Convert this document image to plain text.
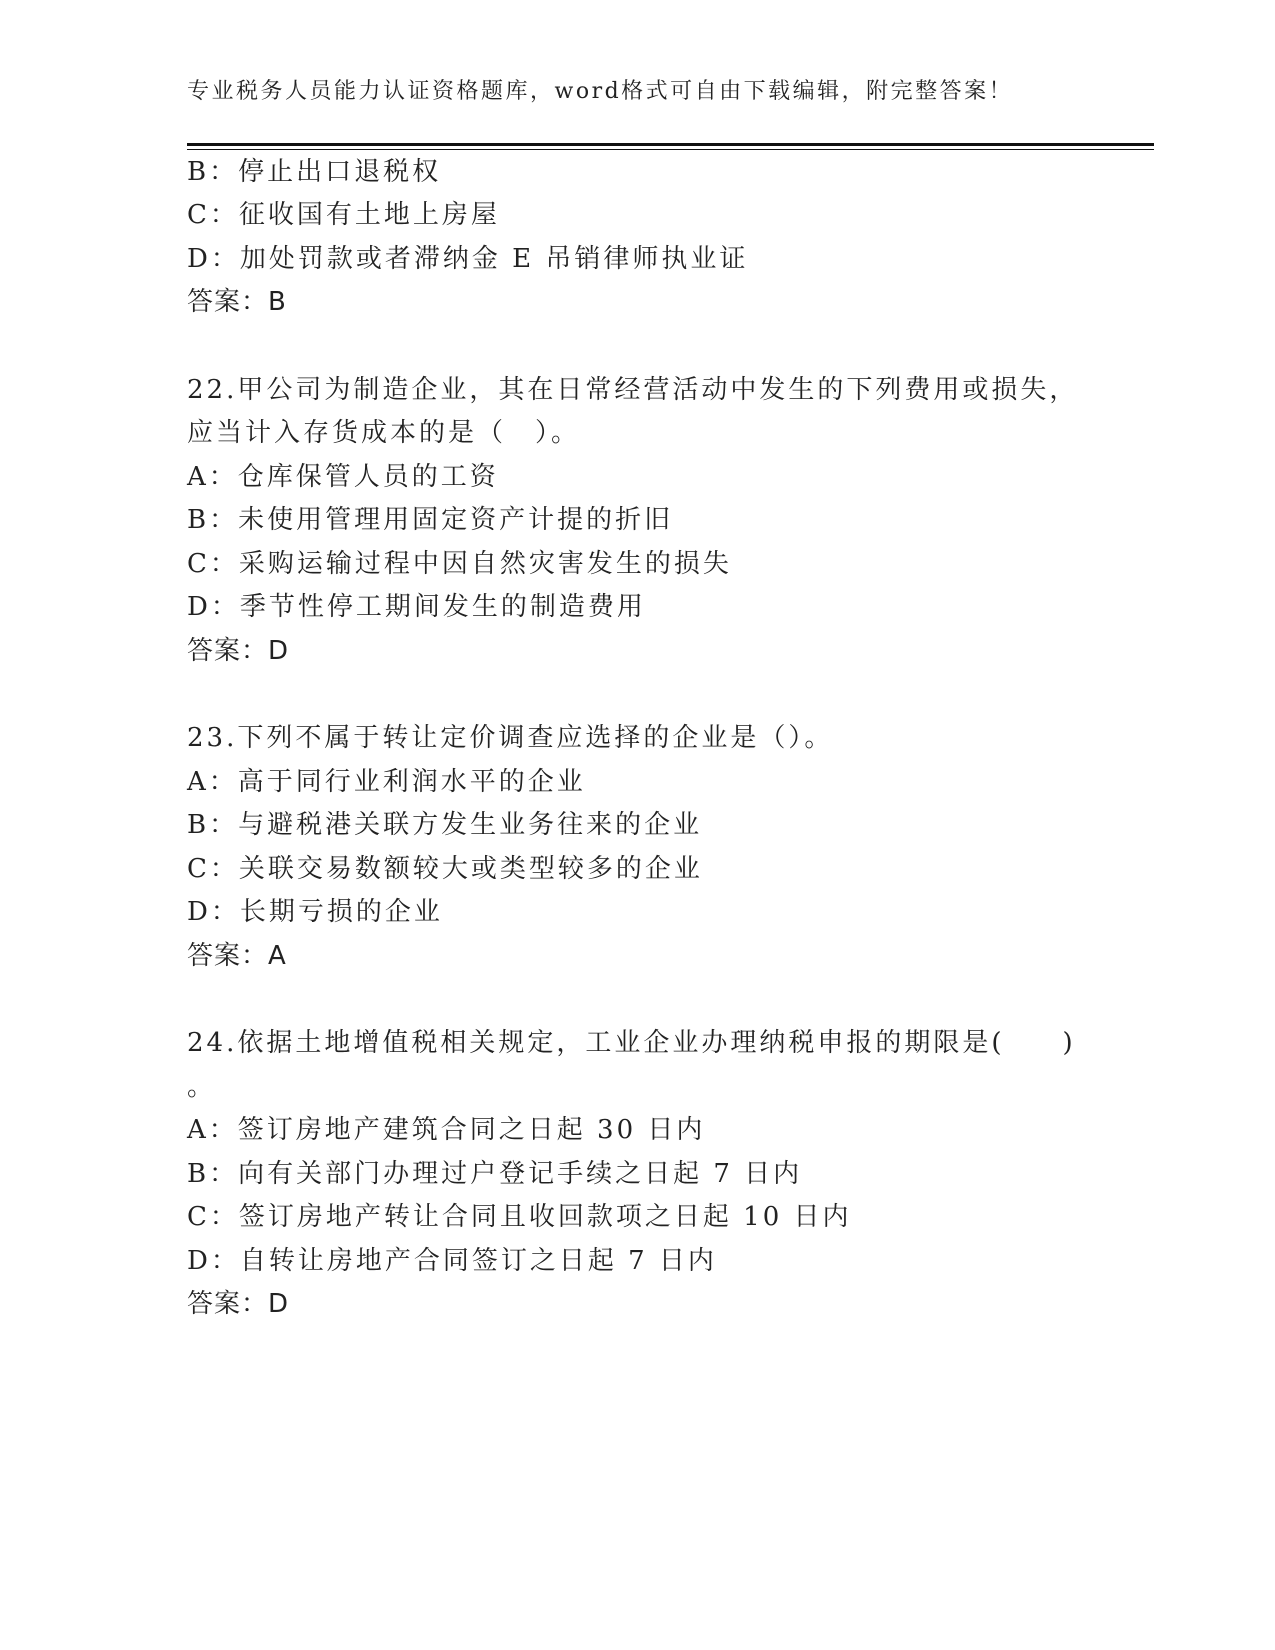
专业税务人员能力认证资格题库，word格式可自由下载编辑，附完整答案！
B：停止出口退税权
C：征收国有土地上房屋
D：加处罚款或者滞纳金 E 吊销律师执业证
答案：B
22.甲公司为制造企业，其在日常经营活动中发生的下列费用或损失，
应当计入存货成本的是（　）。
A：仓库保管人员的工资
B：未使用管理用固定资产计提的折旧
C：采购运输过程中因自然灾害发生的损失
D：季节性停工期间发生的制造费用
答案：D
23.下列不属于转让定价调查应选择的企业是（）。
A：高于同行业利润水平的企业
B：与避税港关联方发生业务往来的企业
C：关联交易数额较大或类型较多的企业
D：长期亏损的企业
答案：A
24.依据土地增值税相关规定，工业企业办理纳税申报的期限是(　　)
。
A：签订房地产建筑合同之日起 30 日内
B：向有关部门办理过户登记手续之日起 7 日内
C：签订房地产转让合同且收回款项之日起 10 日内
D：自转让房地产合同签订之日起 7 日内
答案：D
